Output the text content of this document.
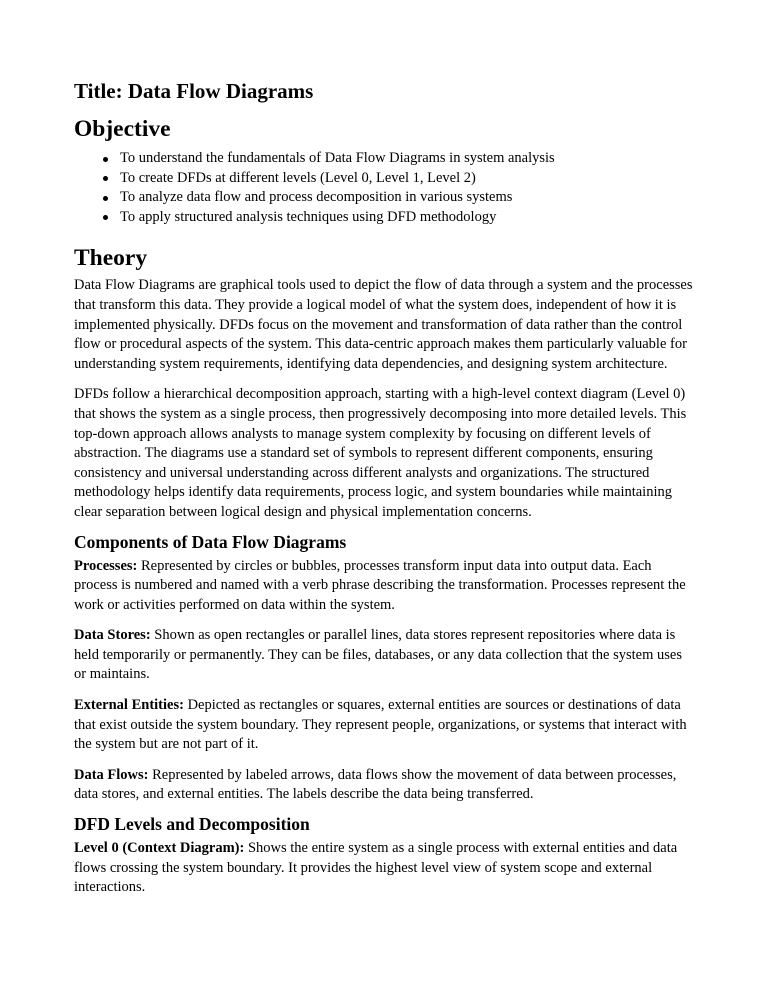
Title: Data Flow Diagrams
Objective
To understand the fundamentals of Data Flow Diagrams in system analysis
To create DFDs at different levels (Level 0, Level 1, Level 2)
To analyze data flow and process decomposition in various systems
To apply structured analysis techniques using DFD methodology
Theory

Data Flow Diagrams are graphical tools used to depict the flow of data through a system and the processes that transform this data. They provide a logical model of what the system does, independent of how it is implemented physically. DFDs focus on the movement and transformation of data rather than the control flow or procedural aspects of the system. This data-centric approach makes them particularly valuable for understanding system requirements, identifying data dependencies, and designing system architecture.

DFDs follow a hierarchical decomposition approach, starting with a high-level context diagram (Level 0) that shows the system as a single process, then progressively decomposing into more detailed levels. This top-down approach allows analysts to manage system complexity by focusing on different levels of abstraction. The diagrams use a standard set of symbols to represent different components, ensuring consistency and universal understanding across different analysts and organizations. The structured methodology helps identify data requirements, process logic, and system boundaries while maintaining clear separation between logical design and physical implementation concerns.

Components of Data Flow Diagrams

Processes: Represented by circles or bubbles, processes transform input data into output data. Each process is numbered and named with a verb phrase describing the transformation. Processes represent the work or activities performed on data within the system.

Data Stores: Shown as open rectangles or parallel lines, data stores represent repositories where data is held temporarily or permanently. They can be files, databases, or any data collection that the system uses or maintains.

External Entities: Depicted as rectangles or squares, external entities are sources or destinations of data that exist outside the system boundary. They represent people, organizations, or systems that interact with the system but are not part of it.

Data Flows: Represented by labeled arrows, data flows show the movement of data between processes, data stores, and external entities. The labels describe the data being transferred.

DFD Levels and Decomposition

Level 0 (Context Diagram): Shows the entire system as a single process with external entities and data flows crossing the system boundary. It provides the highest level view of system scope and external interactions.
